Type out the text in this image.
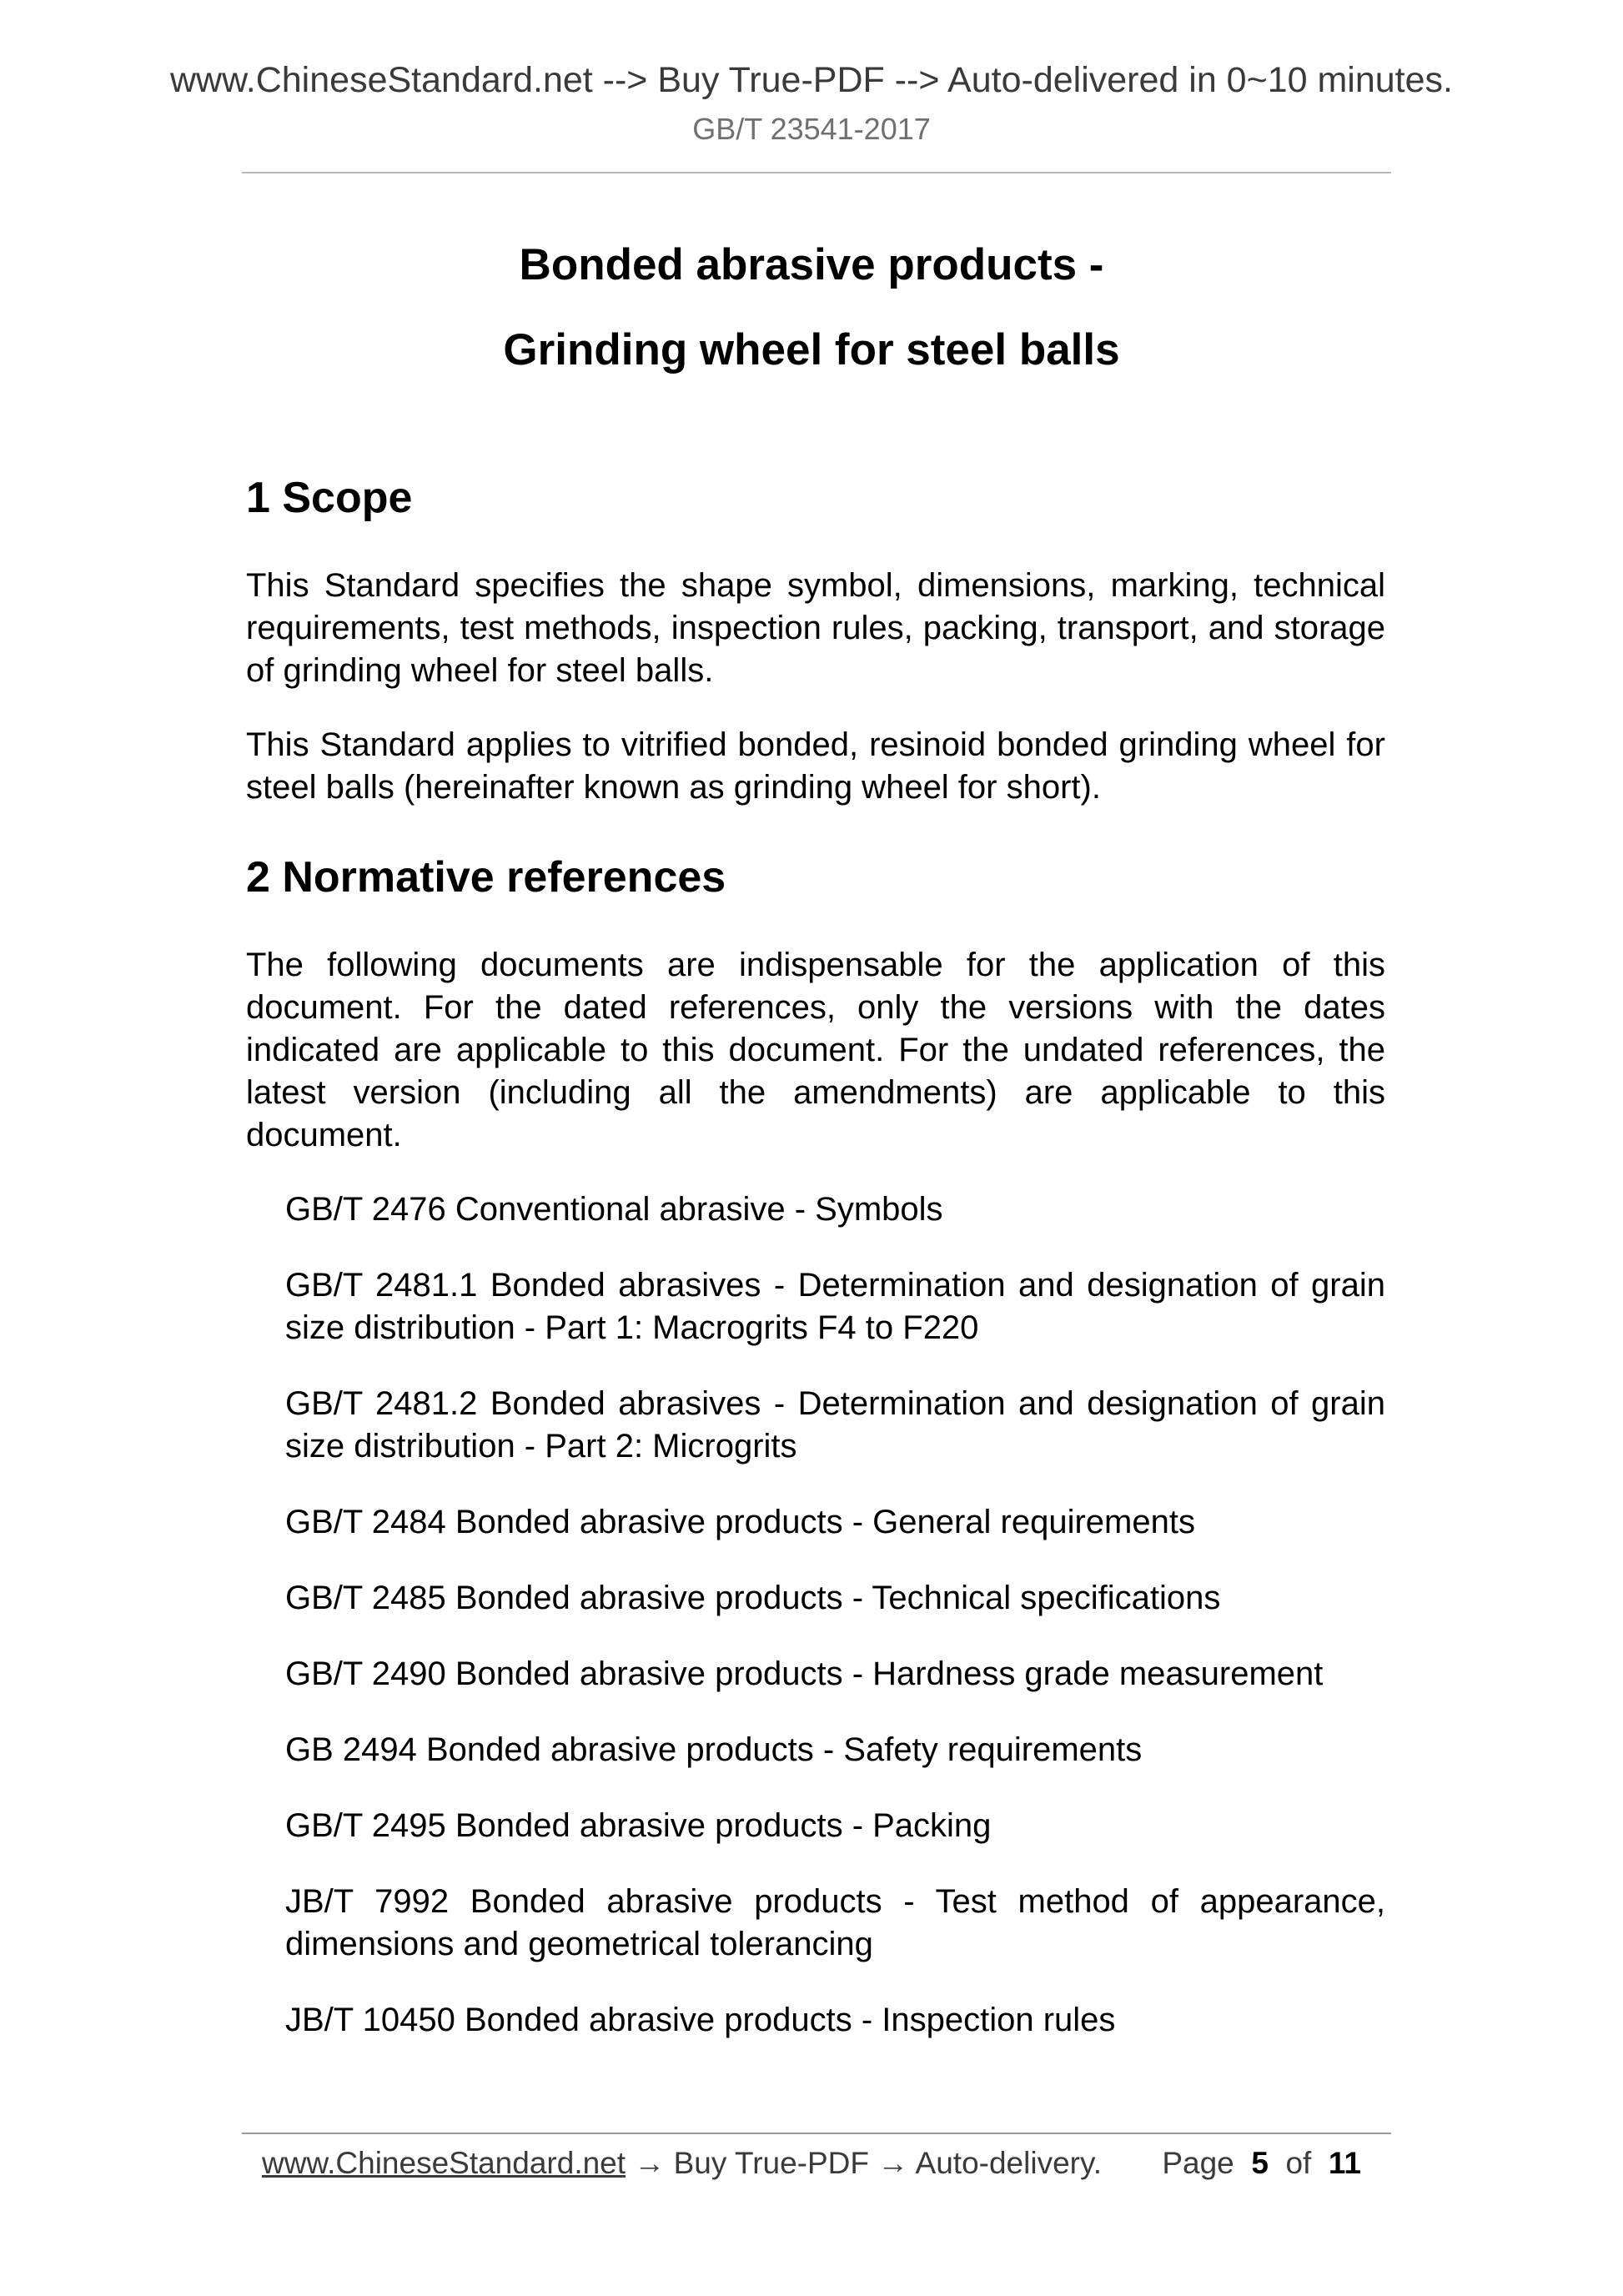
www.ChineseStandard.net --> Buy True-PDF --> Auto-delivered in 0~10 minutes.
GB/T 23541-2017
Bonded abrasive products -
Grinding wheel for steel balls
1 Scope

This Standard specifies the shape symbol, dimensions, marking, technical requirements, test methods, inspection rules, packing, transport, and storage of grinding wheel for steel balls.

This Standard applies to vitrified bonded, resinoid bonded grinding wheel for steel balls (hereinafter known as grinding wheel for short).

2 Normative references

The following documents are indispensable for the application of this document. For the dated references, only the versions with the dates indicated are applicable to this document. For the undated references, the latest version (including all the amendments) are applicable to this document.

GB/T 2476 Conventional abrasive - Symbols
GB/T 2481.1 Bonded abrasives - Determination and designation of grain size distribution - Part 1: Macrogrits F4 to F220
GB/T 2481.2 Bonded abrasives - Determination and designation of grain size distribution - Part 2: Microgrits
GB/T 2484 Bonded abrasive products - General requirements
GB/T 2485 Bonded abrasive products - Technical specifications
GB/T 2490 Bonded abrasive products - Hardness grade measurement
GB 2494 Bonded abrasive products - Safety requirements
GB/T 2495 Bonded abrasive products - Packing
JB/T 7992 Bonded abrasive products - Test method of appearance, dimensions and geometrical tolerancing
JB/T 10450 Bonded abrasive products - Inspection rules
www.ChineseStandard.net → Buy True-PDF → Auto-delivery. Page 5 of 11
